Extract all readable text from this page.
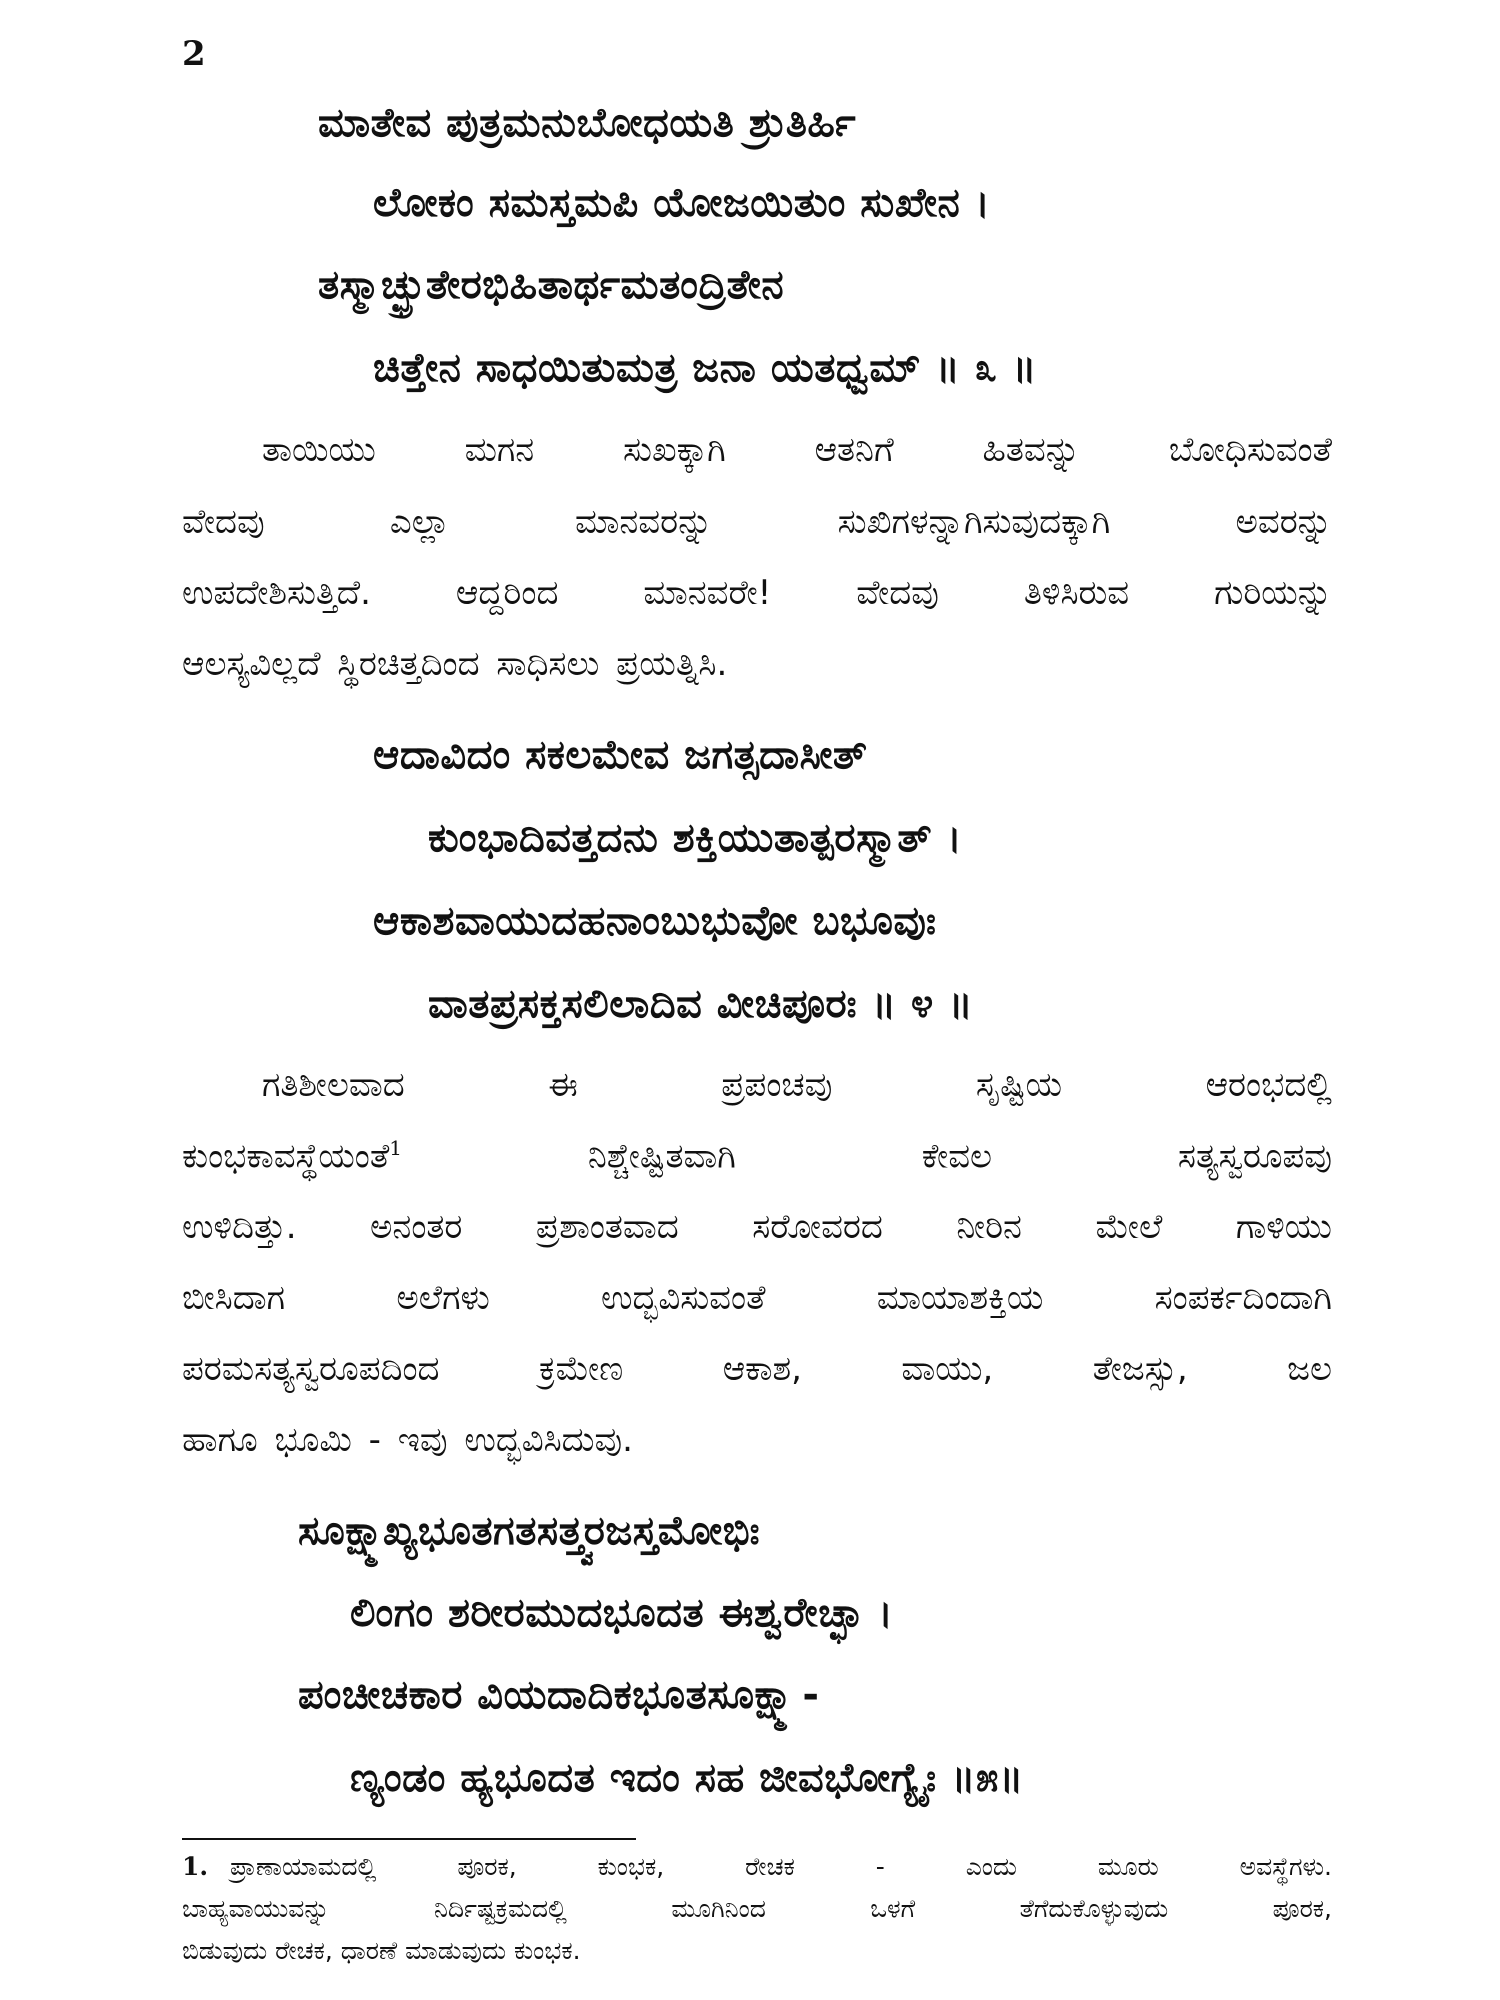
2
ಮಾತೇವ ಪುತ್ರಮನುಬೋಧಯತಿ ಶ್ರುತಿರ್ಹಿ
ಲೋಕಂ ಸಮಸ್ತಮಪಿ ಯೋಜಯಿತುಂ ಸುಖೇನ ।
ತಸ್ಮಾಚ್ಛ್ರುತೇರಭಿಹಿತಾರ್ಥಮತಂದ್ರಿತೇನ
ಚಿತ್ತೇನ ಸಾಧಯಿತುಮತ್ರ ಜನಾ ಯತಧ್ವಮ್ ॥ ೩ ॥
ತಾಯಿಯು ಮಗನ ಸುಖಕ್ಕಾಗಿ ಆತನಿಗೆ ಹಿತವನ್ನು ಬೋಧಿಸುವಂತೆ
ವೇದವು ಎಲ್ಲಾ ಮಾನವರನ್ನು ಸುಖಿಗಳನ್ನಾಗಿಸುವುದಕ್ಕಾಗಿ ಅವರನ್ನು
ಉಪದೇಶಿಸುತ್ತಿದೆ. ಆದ್ದರಿಂದ ಮಾನವರೇ! ವೇದವು ತಿಳಿಸಿರುವ ಗುರಿಯನ್ನು
ಆಲಸ್ಯವಿಲ್ಲದೆ ಸ್ಥಿರಚಿತ್ತದಿಂದ ಸಾಧಿಸಲು ಪ್ರಯತ್ನಿಸಿ.
ಆದಾವಿದಂ ಸಕಲಮೇವ ಜಗತ್ಸದಾಸೀತ್
ಕುಂಭಾದಿವತ್ತದನು ಶಕ್ತಿಯುತಾತ್ಪರಸ್ಮಾತ್ ।
ಆಕಾಶವಾಯುದಹನಾಂಬುಭುವೋ ಬಭೂವುಃ
ವಾತಪ್ರಸಕ್ತಸಲಿಲಾದಿವ ವೀಚಿಪೂರಃ ॥ ೪ ॥
ಗತಿಶೀಲವಾದ ಈ ಪ್ರಪಂಚವು ಸೃಷ್ಟಿಯ ಆರಂಭದಲ್ಲಿ
ಕುಂಭಕಾವಸ್ಥೆಯಂತೆ$^1$	ನಿಶ್ಚೇಷ್ಟಿತವಾಗಿ ಕೇವಲ ಸತ್ಯಸ್ವರೂಪವು
ಉಳಿದಿತ್ತು. ಅನಂತರ ಪ್ರಶಾಂತವಾದ ಸರೋವರದ ನೀರಿನ ಮೇಲೆ ಗಾಳಿಯು
ಬೀಸಿದಾಗ ಅಲೆಗಳು ಉದ್ಭವಿಸುವಂತೆ ಮಾಯಾಶಕ್ತಿಯ ಸಂಪರ್ಕದಿಂದಾಗಿ
ಪರಮಸತ್ಯಸ್ವರೂಪದಿಂದ ಕ್ರಮೇಣ ಆಕಾಶ, ವಾಯು, ತೇಜಸ್ಸು, ಜಲ
ಹಾಗೂ ಭೂಮಿ - ಇವು ಉದ್ಭವಿಸಿದುವು.
ಸೂಕ್ಷ್ಮಾಖ್ಯಭೂತಗತಸತ್ತ್ವರಜಸ್ತಮೋಭಿಃ
ಲಿಂಗಂ ಶರೀರಮುದಭೂದತ ಈಶ್ವರೇಚ್ಛಾ ।
ಪಂಚೀಚಕಾರ ವಿಯದಾದಿಕಭೂತಸೂಕ್ಷ್ಮಾ-
ಣ್ಯಂಡಂ ಹ್ಯಭೂದತ ಇದಂ ಸಹ ಜೀವಭೋಗ್ಯೈಃ ॥೫॥
1. ಪ್ರಾಣಾಯಾಮದಲ್ಲಿ ಪೂರಕ, ಕುಂಭಕ, ರೇಚಕ - ಎಂದು ಮೂರು ಅವಸ್ಥೆಗಳು.
ಬಾಹ್ಯವಾಯುವನ್ನು ನಿರ್ದಿಷ್ಟಕ್ರಮದಲ್ಲಿ ಮೂಗಿನಿಂದ ಒಳಗೆ ತೆಗೆದುಕೊಳ್ಳುವುದು ಪೂರಕ,
ಬಿಡುವುದು ರೇಚಕ, ಧಾರಣೆ ಮಾಡುವುದು ಕುಂಭಕ.
